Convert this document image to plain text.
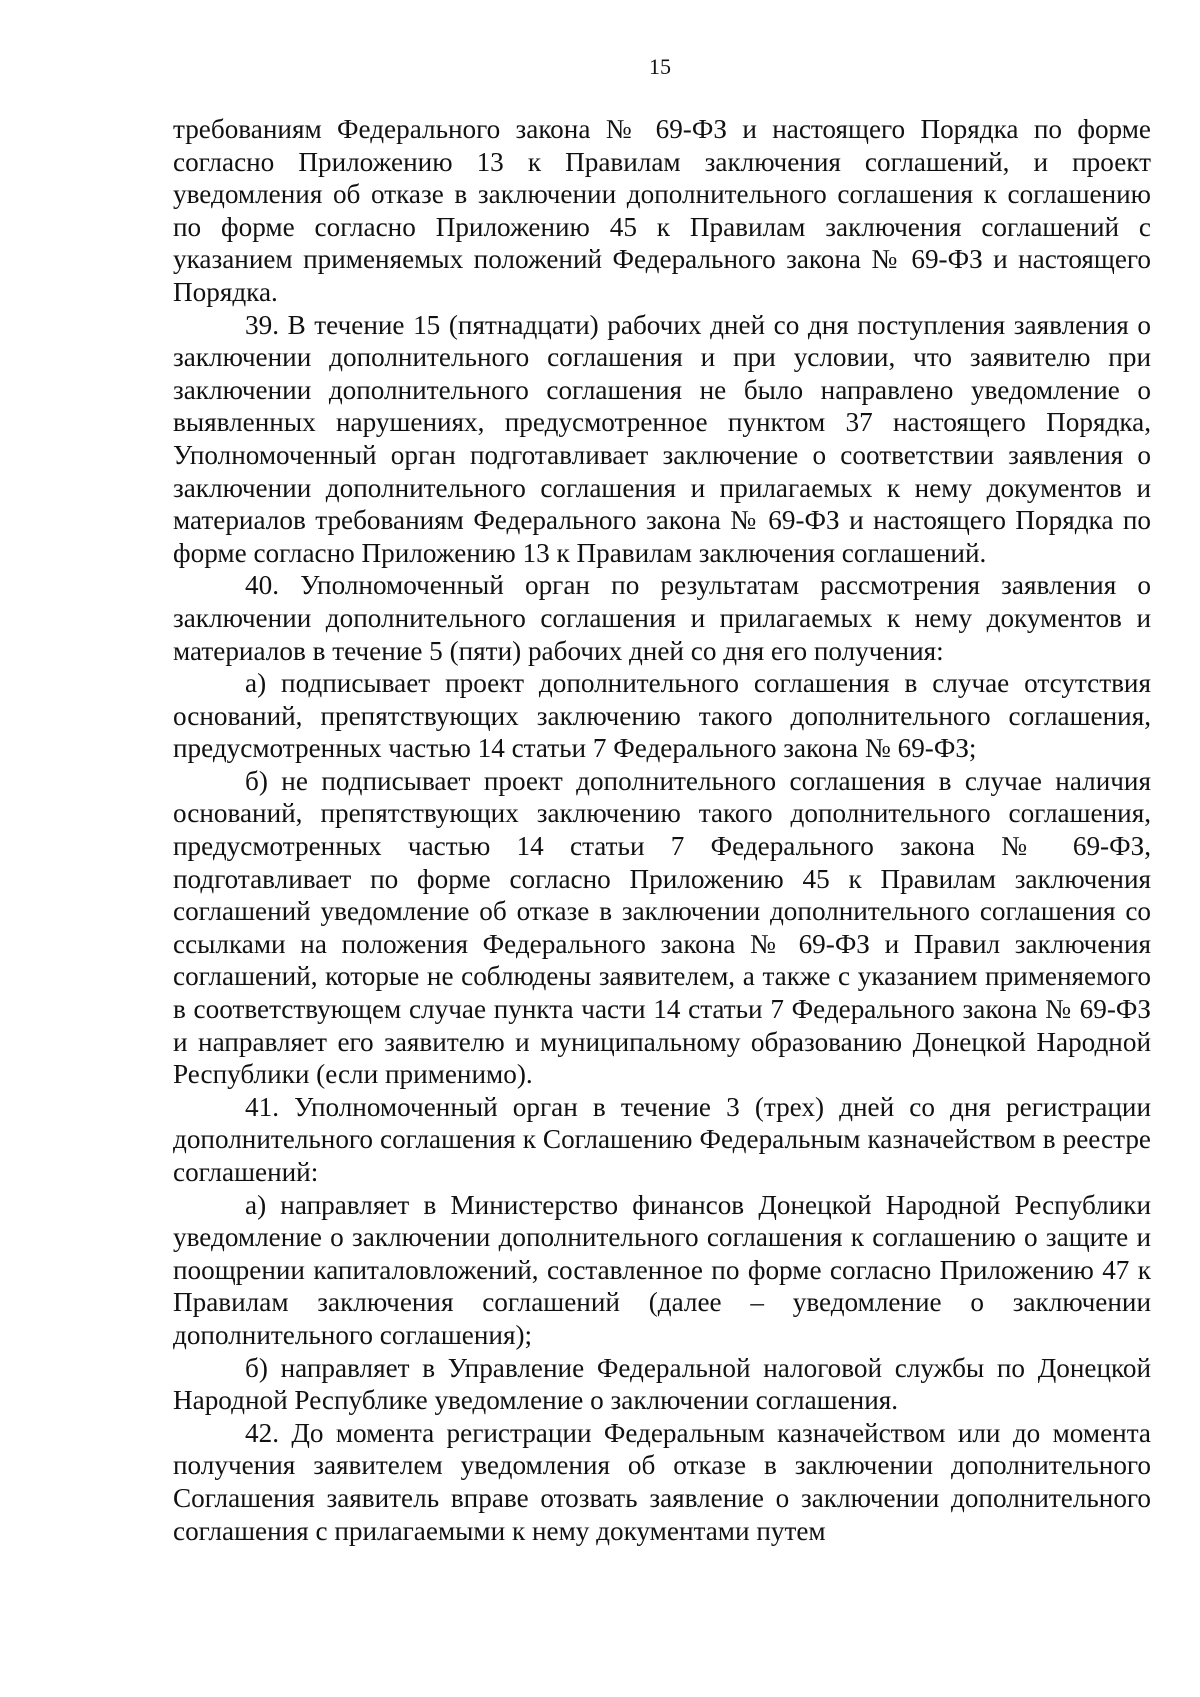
15

требованиям Федерального закона № 69-ФЗ и настоящего Порядка по форме согласно Приложению 13 к Правилам заключения соглашений, и проект уведомления об отказе в заключении дополнительного соглашения к соглашению по форме согласно Приложению 45 к Правилам заключения соглашений с указанием применяемых положений Федерального закона № 69-ФЗ и настоящего Порядка.

39. В течение 15 (пятнадцати) рабочих дней со дня поступления заявления о заключении дополнительного соглашения и при условии, что заявителю при заключении дополнительного соглашения не было направлено уведомление о выявленных нарушениях, предусмотренное пунктом 37 настоящего Порядка, Уполномоченный орган подготавливает заключение о соответствии заявления о заключении дополнительного соглашения и прилагаемых к нему документов и материалов требованиям Федерального закона № 69-ФЗ и настоящего Порядка по форме согласно Приложению 13 к Правилам заключения соглашений.

40. Уполномоченный орган по результатам рассмотрения заявления о заключении дополнительного соглашения и прилагаемых к нему документов и материалов в течение 5 (пяти) рабочих дней со дня его получения:

а) подписывает проект дополнительного соглашения в случае отсутствия оснований, препятствующих заключению такого дополнительного соглашения, предусмотренных частью 14 статьи 7 Федерального закона № 69-ФЗ;

б) не подписывает проект дополнительного соглашения в случае наличия оснований, препятствующих заключению такого дополнительного соглашения, предусмотренных частью 14 статьи 7 Федерального закона № 69-ФЗ, подготавливает по форме согласно Приложению 45 к Правилам заключения соглашений уведомление об отказе в заключении дополнительного соглашения со ссылками на положения Федерального закона № 69-ФЗ и Правил заключения соглашений, которые не соблюдены заявителем, а также с указанием применяемого в соответствующем случае пункта части 14 статьи 7 Федерального закона № 69-ФЗ и направляет его заявителю и муниципальному образованию Донецкой Народной Республики (если применимо).

41. Уполномоченный орган в течение 3 (трех) дней со дня регистрации дополнительного соглашения к Соглашению Федеральным казначейством в реестре соглашений:

а) направляет в Министерство финансов Донецкой Народной Республики уведомление о заключении дополнительного соглашения к соглашению о защите и поощрении капиталовложений, составленное по форме согласно Приложению 47 к Правилам заключения соглашений (далее – уведомление о заключении дополнительного соглашения);

б) направляет в Управление Федеральной налоговой службы по Донецкой Народной Республике уведомление о заключении соглашения.

42. До момента регистрации Федеральным казначейством или до момента получения заявителем уведомления об отказе в заключении дополнительного Соглашения заявитель вправе отозвать заявление о заключении дополнительного соглашения с прилагаемыми к нему документами путем
